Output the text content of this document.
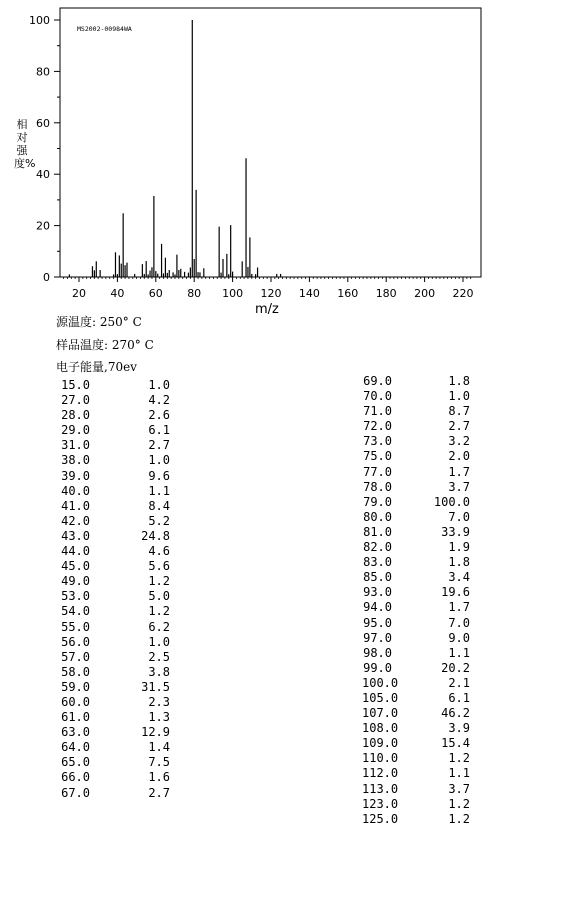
MS2002-00984WA
0
20
40
60
80
100
20 40 60 80 100 120 140 160 180 200 220
相对强度%
m/z
源温度: 250° C
样品温度: 270° C
电子能量,70ev
15.0	1.0
27.0	4.2
28.0	2.6
29.0	6.1
31.0	2.7
38.0	1.0
39.0	9.6
40.0	1.1
41.0	8.4
42.0	5.2
43.0	24.8
44.0	4.6
45.0	5.6
49.0	1.2
53.0	5.0
54.0	1.2
55.0	6.2
56.0	1.0
57.0	2.5
58.0	3.8
59.0	31.5
60.0	2.3
61.0	1.3
63.0	12.9
64.0	1.4
65.0	7.5
66.0	1.6
67.0	2.7
69.0	1.8
70.0	1.0
71.0	8.7
72.0	2.7
73.0	3.2
75.0	2.0
77.0	1.7
78.0	3.7
79.0	100.0
80.0	7.0
81.0	33.9
82.0	1.9
83.0	1.8
85.0	3.4
93.0	19.6
94.0	1.7
95.0	7.0
97.0	9.0
98.0	1.1
99.0	20.2
100.0	2.1
105.0	6.1
107.0	46.2
108.0	3.9
109.0	15.4
110.0	1.2
112.0	1.1
113.0	3.7
123.0	1.2
125.0	1.2
